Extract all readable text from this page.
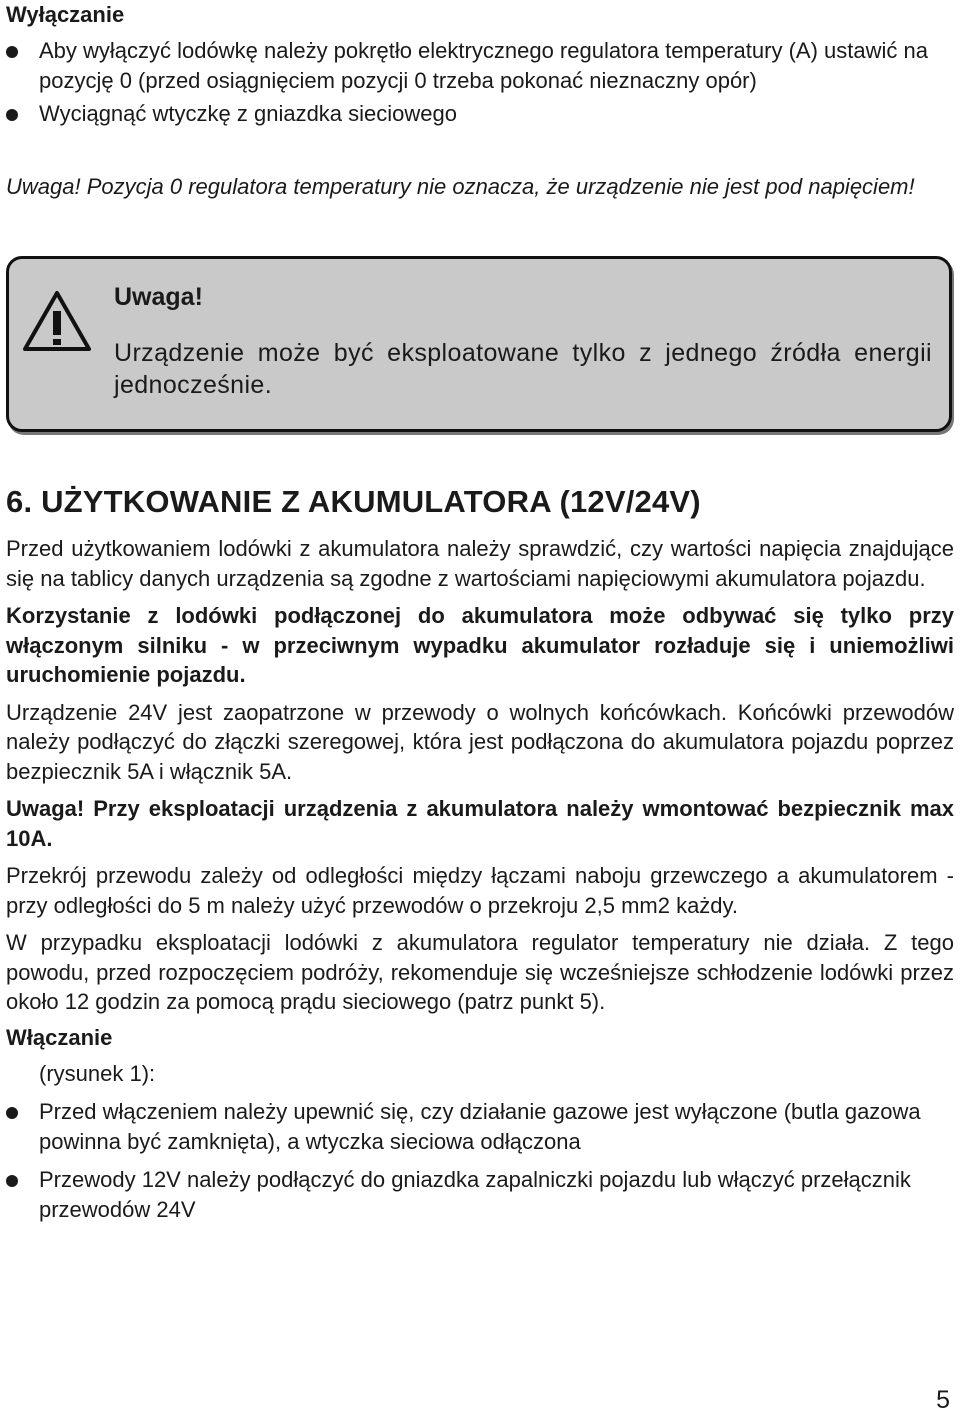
Wyłączanie

Aby wyłączyć lodówkę należy pokrętło elektrycznego regulatora temperatury (A) ustawić na pozycję 0 (przed osiągnięciem pozycji 0 trzeba pokonać nieznaczny opór)

Wyciągnąć wtyczkę z gniazdka sieciowego

Uwaga! Pozycja 0 regulatora temperatury nie oznacza, że urządzenie nie jest pod napięciem!

Uwaga!
Urządzenie może być eksploatowane tylko z jednego źródła energii jednocześnie.
6. UŻYTKOWANIE Z AKUMULATORA (12V/24V)

Przed użytkowaniem lodówki z akumulatora należy sprawdzić, czy wartości napięcia znajdujące się na tablicy danych urządzenia są zgodne z wartościami napięciowymi akumulatora pojazdu.

Korzystanie z lodówki podłączonej do akumulatora może odbywać się tylko przy włączonym silniku - w przeciwnym wypadku akumulator rozładuje się i uniemożliwi uruchomienie pojazdu.

Urządzenie 24V jest zaopatrzone w przewody o wolnych końcówkach. Końcówki przewodów należy podłączyć do złączki szeregowej, która jest podłączona do akumulatora pojazdu poprzez bezpiecznik 5A i włącznik 5A.

Uwaga! Przy eksploatacji urządzenia z akumulatora należy wmontować bezpiecznik max 10A.

Przekrój przewodu zależy od odległości między łączami naboju grzewczego a akumulatorem - przy odległości do 5 m należy użyć przewodów o przekroju 2,5 mm2 każdy.

W przypadku eksploatacji lodówki z akumulatora regulator temperatury nie działa. Z tego powodu, przed rozpoczęciem podróży, rekomenduje się wcześniejsze schłodzenie lodówki przez około 12 godzin za pomocą prądu sieciowego (patrz punkt 5).

Włączanie

(rysunek 1):

Przed włączeniem należy upewnić się, czy działanie gazowe jest wyłączone (butla gazowa powinna być zamknięta), a wtyczka sieciowa odłączona

Przewody 12V należy podłączyć do gniazdka zapalniczki pojazdu lub włączyć przełącznik przewodów 24V

5
